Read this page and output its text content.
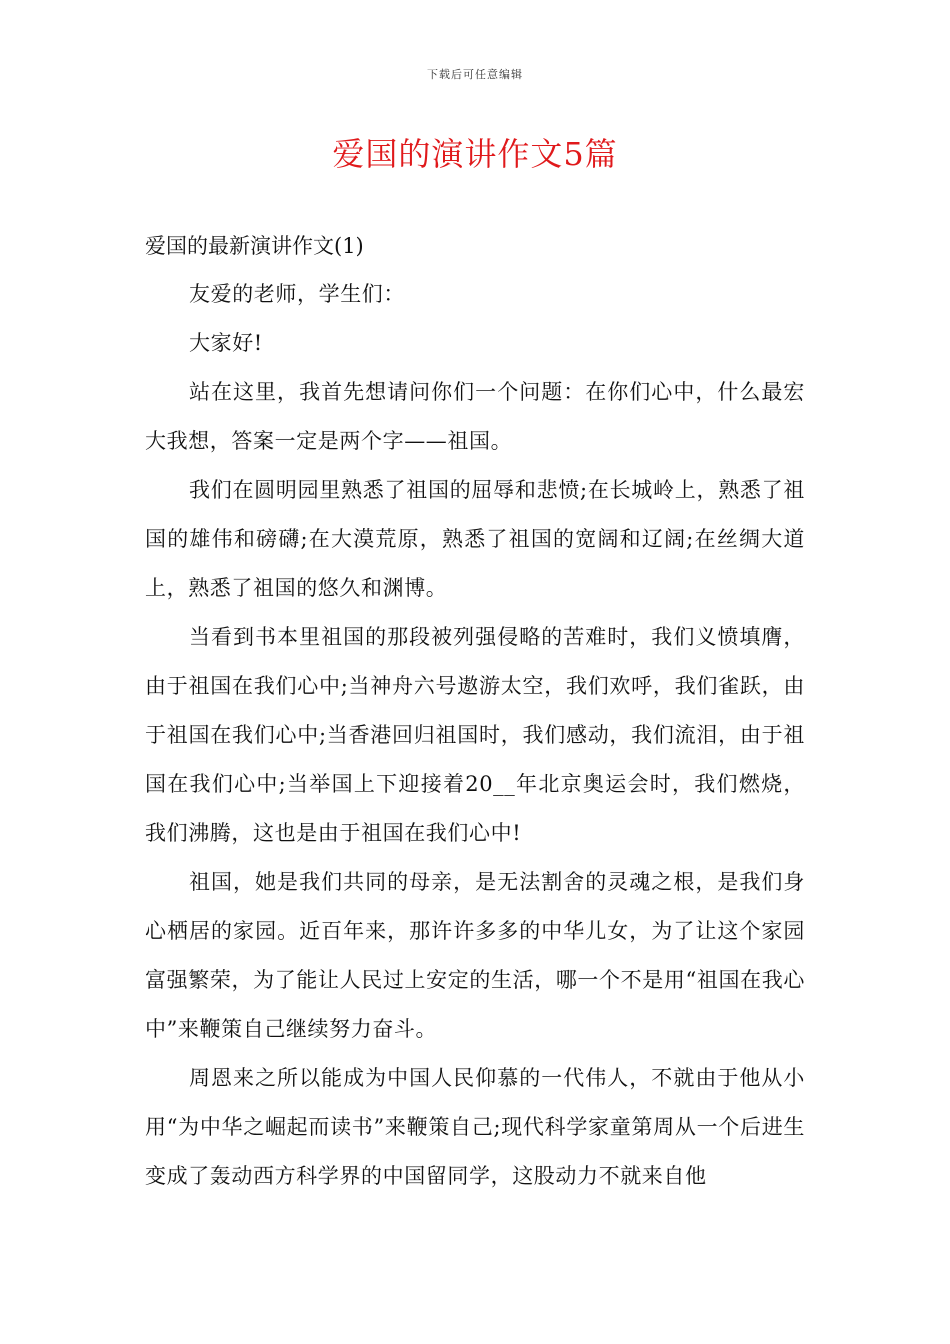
下载后可任意编辑
爱国的演讲作文5篇

爱国的最新演讲作文(1)

友爱的老师，学生们：

大家好!

站在这里，我首先想请问你们一个问题：在你们心中，什么最宏大我想，答案一定是两个字——祖国。

我们在圆明园里熟悉了祖国的屈辱和悲愤;在长城岭上，熟悉了祖国的雄伟和磅礴;在大漠荒原，熟悉了祖国的宽阔和辽阔;在丝绸大道上，熟悉了祖国的悠久和渊博。

当看到书本里祖国的那段被列强侵略的苦难时，我们义愤填膺，由于祖国在我们心中;当神舟六号遨游太空，我们欢呼，我们雀跃，由于祖国在我们心中;当香港回归祖国时，我们感动，我们流泪，由于祖国在我们心中;当举国上下迎接着20__年北京奥运会时，我们燃烧，我们沸腾，这也是由于祖国在我们心中!

祖国，她是我们共同的母亲，是无法割舍的灵魂之根，是我们身心栖居的家园。近百年来，那许许多多的中华儿女，为了让这个家园富强繁荣，为了能让人民过上安定的生活，哪一个不是用“祖国在我心中”来鞭策自己继续努力奋斗。

周恩来之所以能成为中国人民仰慕的一代伟人，不就由于他从小用“为中华之崛起而读书”来鞭策自己;现代科学家童第周从一个后进生变成了轰动西方科学界的中国留同学，这股动力不就来自他
